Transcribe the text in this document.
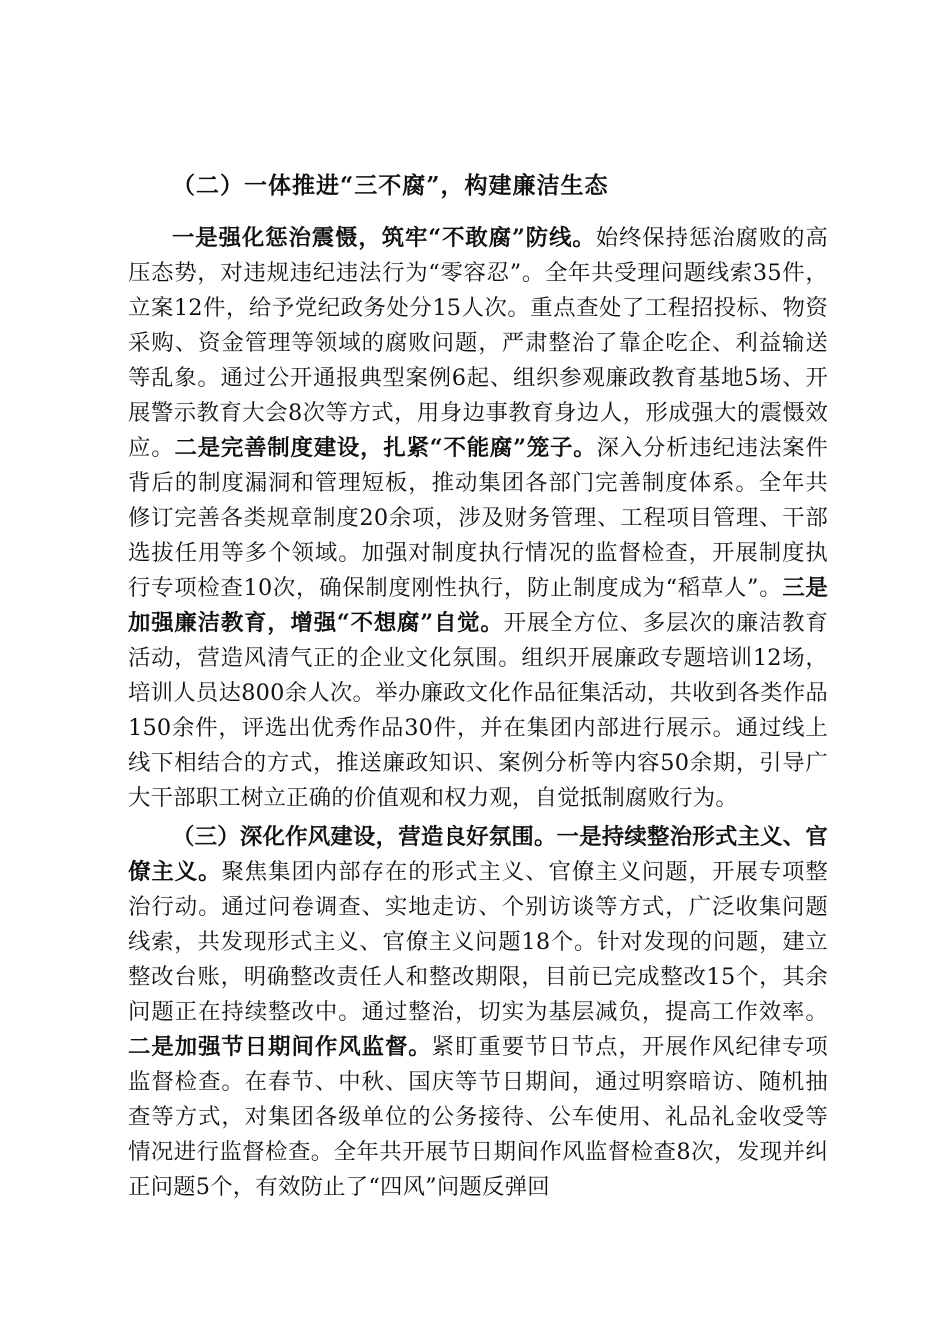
（二）一体推进“三不腐”，构建廉洁生态

一是强化惩治震慑，筑牢“不敢腐”防线。始终保持惩治腐败的高压态势，对违规违纪违法行为“零容忍”。全年共受理问题线索35件，立案12件，给予党纪政务处分15人次。重点查处了工程招投标、物资采购、资金管理等领域的腐败问题，严肃整治了靠企吃企、利益输送等乱象。通过公开通报典型案例6起、组织参观廉政教育基地5场、开展警示教育大会8次等方式，用身边事教育身边人，形成强大的震慑效应。二是完善制度建设，扎紧“不能腐”笼子。深入分析违纪违法案件背后的制度漏洞和管理短板，推动集团各部门完善制度体系。全年共修订完善各类规章制度20余项，涉及财务管理、工程项目管理、干部选拔任用等多个领域。加强对制度执行情况的监督检查，开展制度执行专项检查10次，确保制度刚性执行，防止制度成为“稻草人”。三是加强廉洁教育，增强“不想腐”自觉。开展全方位、多层次的廉洁教育活动，营造风清气正的企业文化氛围。组织开展廉政专题培训12场，培训人员达800余人次。举办廉政文化作品征集活动，共收到各类作品150余件，评选出优秀作品30件，并在集团内部进行展示。通过线上线下相结合的方式，推送廉政知识、案例分析等内容50余期，引导广大干部职工树立正确的价值观和权力观，自觉抵制腐败行为。

（三）深化作风建设，营造良好氛围。一是持续整治形式主义、官僚主义。聚焦集团内部存在的形式主义、官僚主义问题，开展专项整治行动。通过问卷调查、实地走访、个别访谈等方式，广泛收集问题线索，共发现形式主义、官僚主义问题18个。针对发现的问题，建立整改台账，明确整改责任人和整改期限，目前已完成整改15个，其余问题正在持续整改中。通过整治，切实为基层减负，提高工作效率。二是加强节日期间作风监督。紧盯重要节日节点，开展作风纪律专项监督检查。在春节、中秋、国庆等节日期间，通过明察暗访、随机抽查等方式，对集团各级单位的公务接待、公车使用、礼品礼金收受等情况进行监督检查。全年共开展节日期间作风监督检查8次，发现并纠正问题5个，有效防止了“四风”问题反弹回
